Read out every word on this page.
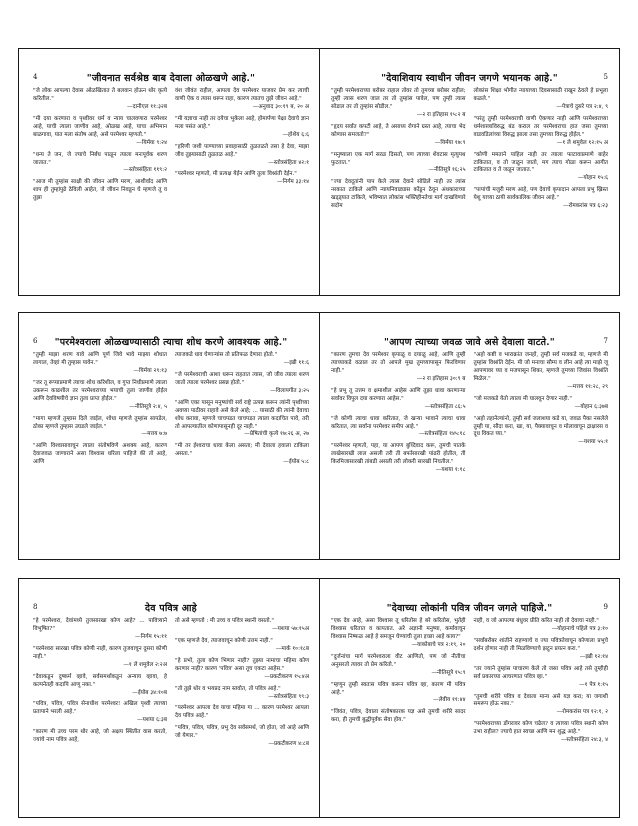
4	"जीवनात सर्वश्रेष्ठ बाब देवाला ओळखणे आहे."
"जे लोक आपल्या देवास ओळखितात ते बलवान होऊन थोर कृत्ये करितील."
—दानीएल ११:३२ब
"मी दया करणारा व पृथ्वीवर धर्म व न्याय चालवणारा परमेश्वर आहे, याची त्याला जाणीव आहे, ओळख आहे, याचा अभिमान बाळगावा, यात मला संतोष आहे, असे परमेश्वर म्हणतो."
—यिर्मया ९:२४
"धन्य ते जन, जे ज्याचे निर्बंध पाळून त्याला मनःपूर्वक शरण जातात."
—स्तोत्रसंहिता ११९:२
"आज मी तुम्हांस साक्षी की जीवन आणि मरण, आशीर्वाद आणि शाप ही तुम्हांपुढे ठेविली आहेत, जे जीवन निवडून घे म्हणजे तू व तुझा
वंश जीवंत राहील, आपला देव परमेश्वर याजवर प्रेम कर त्याची वाणी ऐक व त्यास धरून राहा, कारण त्यातच तुझे जीवन आहे."
—अनुवाद ३०:१९ ब, २० अ
"मी यज्ञाचा नाही तर दयेचा भुकेला आहे, होमार्पणा पेक्षा देवाचे ज्ञान मला पसंत आहे."
—होशेय ६:६
"हरिणी जशी पाण्याच्या प्रवाहासाठी तुळतळते तसा हे देवा, माझा जीव तुझ्यासाठी तुळतळ आहे."
—स्तोत्रसंहिता ४२:१
"परमेश्वर म्हणतो, मी प्रत्यक्ष येईन आणि तुला विश्रांती देईन."
—निर्गम ३३:१४
5
"देवाशिवाय स्वाधीन जीवन जगणे भयानक आहे."
"तुम्ही परमेश्वराच्या बरोबर राहाल तोवर तो तुमच्या बरोबर राहील; तुम्ही त्यास शरण जाल तर तो तुम्हांस पावेल, पण तुम्ही त्यास सोडाल तर तो तुम्हांस सोडील."
—२ रा इतिहास १५:२ ब
"हृदय सर्वांत कपटी आहे, ते असाध्य रोगाने ग्रस्त आहे, त्याचा भेद कोणास समजतो?"
—यिर्मया १७:९
"मनुष्याला एक मार्ग सरळ दिसतो, पण त्याच्या शेवटास मृत्युपथ फुटतात."
—नीतिसूत्रे १६:२५
"ज्या देवदूतांनी पाप केले त्यास देवाने सोडिले नाही तर त्यांस नरकात टाकिले आणि न्यायनिवाड्यास कोंडून ठेवून अंधकाराच्या खड्ड्यात टाकिले, भविष्यात लोकांस भक्तिहीनतेचा मार्ग दाखविणारे सदोम
लोकांस शिक्षा भोगीत न्यायाच्या दिवसासाठी राखून ठेवले हे प्रभूला कळले."
—पेत्राचे दुसरे पत्र २:४, ९
"परंतु तुम्ही परमेश्वराची वाणी ऐकणार नाही आणि परमेश्वराच्या धर्मशास्त्राविरुद्ध बंड कराल तर परमेश्वराचा हात जसा तुमच्या वाडवडिलांच्या विरुद्ध झाला तसा तुमच्या विरुद्ध होईल."
—१ ले शमुवेल १२:१५ अ
"कोणी ममताने पाहिल नाही तर त्याला फाटावाप्रमाणे बाहेर टाकितात, व तो जळून जातो, मग त्याच गोळा करून आगीत टाकितात व ते जळून जातात."
—योहान १५:६
"पापांची मजुरी मरण आहे, पण देवाचे कृपादान आपला प्रभु ख्रिस्त येशू याच्या ठायी सार्वकालिक जीवन आहे."
—रोमकरांस पत्र ६:२३
6	"परमेश्वराला ओळखण्यासाठी त्याचा शोध करणे आवश्यक आहे."
"तुम्ही माझा शरण यावे आणि पूर्ण जिवे भावे माझ्या शोधात लागाल, तेव्हां मी तुम्हास पावेन."
—यिर्मया २९:१३
"जर तू रूप्याप्रमाणे त्याचा शोध करिशील, व गुप्त निधीप्रमाणे त्याला उकरून काढशील तर परमेश्वराच्या भयाची तुला जाणीव होईल आणि देवविषयीचे ज्ञान तुला प्राप्त होईल."
—नीतिसूत्रे २:४, ५
"मागा म्हणजे तुम्हास दिले जाईल, शोधा म्हणजे तुम्हांस सापडेल, ठोका म्हणजे तुम्हास उघडले जाईल."
—मत्तय ७:७
"आणि विश्वासावाचून त्याला संतोषविणे अशक्य आहे, कारण देवाजवळ जाणाराने असा विश्वास धरिला पाहिजे की तो आहे, आणि
त्याजकडे धाव घेणाऱ्यांस तो प्रतिफळ देणारा होतो."
—इब्री ११:६
"जे परमेश्वराची आशा धरून राहतात त्यास, जो जीव त्याला शरण जातो त्याला परमेश्वर प्रसन्न होतो."
—विलापगीत ३:२५
"आणि एका पासून मनुष्यांची सर्व राष्ट्रे उत्पन्न करून त्यांनी पृथ्वीच्या अवघ्या पाठीवर राहावे असे केले आहे; ... यासाठी की त्यांनी देवाचा शोध करावा, म्हणजे चाचपडत चाचपडत त्याला कदाचित पावे, तरी तो आपल्यातील कोणापासूनही दूर नाही."
—प्रेषितांची कृत्ये १७:२६ अ, २७
"मी तर ईश्वराचा धावा केला असता; मी देवाला हवाला टाकिला असता."
—ईयोब ५:८
7
"आपण त्याच्या जवळ जावे असे देवाला वाटते."
"कारण तुमचा देव परमेश्वर कृपाळू व दयाळू आहे, आणि तुम्ही त्याच्याकडे वळाल तर तो आपले मुख तुमच्यापासून फिरविणार नाही."
—२ रा इतिहास ३०:९ ब
"हे प्रभू तू उत्तम व क्षमाशील आहेस आणि तुझा धावा करणाऱ्या सर्वावर विपुल दया करणारा आहेस."
—स्तोत्रसंहिता ८६:५
"जे कोणी त्याचा धावा करितात, जे खऱ्या भावाने त्याचा धावा करितात, त्या सर्वांना परमेश्वर समीप आहे."
—स्तोत्रसंहिता १४५:१८
"परमेश्वर म्हणतो, पहा, या आपण बुध्दिवाद करू, तुमची पातके लाखेसारखी लाल असली तरी ती बर्फासारखी पांढरी होतील, ती किरमिजासारखी तांबडी असली तरी लोकरी सारखी निघतील."
—यशया १:१८
"अहो कष्टी व भाराक्रांत जनहो, तुम्ही सर्व मजकडे या, म्हणजे मी तुम्हांस विश्रांति देईन. मी जो मनाचा सौम्य व लीन आहे त्या माझे जू आपणावर घ्या व मजपासून शिका, म्हणजे तुमच्या जिवांस विश्रांति मिळेल."
—मत्तय ११:२८, २९
"जो मजकडे येतो त्याला मी घालवून देणार नाही."
—योहान ६:३७ब
"अहो तहानेल्यांनो, तुम्ही सर्व जलाशया कडे या, जवळ पैका नसलेले तुम्ही या, सौदा करा, खा, या, पैक्यावाचून व मोलावाचून द्राक्षारस व दूध विकत घ्या."
—यशया ५५:१
8	देव पवित्र आहे
"हे परमेश्वरा, देवांमध्ये तुजसारखा कोण आहे? ... पावित्र्याने विभूषित?"
—निर्गम १५:११
"परमेश्वरा सारखा पवित्र कोणी नाही, कारण तुजवाचून दुसरा कोणी नाही."
—१ ले शमुवेल २:२अ
"देवाकडून दुष्कर्म व्हावे, सर्वसमर्थाकडून अन्याय व्हावा, हे कल्पनेतही कदापि आणू नका."
—ईयोब ३४:१०ब
"पवित्र, पवित्र, पवित्र सेनाधीश परमेश्वर! अखिल पृथ्वी त्याच्या प्रतापाने भरली आहे."
—यशया ६:३ब
"कारण मी उच्च परम थोर आहे, जो अक्षय स्थितीत वास करतो, ज्यांचे नाम पवित्र आहे,
तो असे म्हणतो : मी उच्च व पवित्र स्थानी वसतो."
—यशया ५७:१५अ
"एक म्हणजे देव, त्याजवाचून कोणी उत्तम नाही."
—मार्क १०:१८ब
"हे प्रभो, तुला कोण भिणार नाही? तुझ्या नामाचा महिमा कोण करणार नाही? कारण 'पवित्र' असा तूच एकटा आहेस."
—प्रकटीकरण १५:४अ
"तो तुझे थोर व भयप्रद नाम स्तवोत, तो पवित्र आहे."
—स्तोत्रसंहिता ९९:३
"परमेश्वर आपला देव याचा महिमा गा ... कारण परमेश्वर आपला देव पवित्र आहे."
"पवित्र, पवित्र, पवित्र, प्रभु देव सर्वसमर्थ, जो होता, जो आहे आणि जो येणार."
—प्रकटीकरण ४:८ब
9
"देवाच्या लोकांनी पवित्र जीवन जगले पाहिजे."
"एक देव आहे, असा विश्वास तू धरितोस हे बरे करितोस, भुतेही विश्वास धरितात व कापतात. अरे अज्ञानी मनुष्या, कर्मावाचून विश्वास निष्फळ आहे हे समजून घेण्याची तुला इच्छा आहे काय?"
—याकोबाचे पत्र २:१९, २०
"दुर्जनांचा मार्ग परमेश्वराला वीट आणितो, पण जो नीतीचा अनुसरतो त्यावर तो प्रेम करितो."
—नीतिसूत्रे १५:९
"म्हणून तुम्ही स्वतःस पवित्र करून पवित्र व्हा, कारण मी पवित्र आहे."
—लेवीय ११:४४
"जिवंत, पवित्र, देवाला संतोषकारक यज्ञ असे तुमची शरीरे सादर करा, ही तुमची बुद्धीपूर्वक सेवा होय."
नाही, व जो आपल्या बंधुवर प्रीति करित नाही तो देवाचा नाही."
—योहानाचे पहिले पत्र ३:१०
"सर्वांबरोबर शांतीने राहण्याचे व ज्या पवित्रतेवाचून कोणाला प्रभूचे दर्शन होणार नाही ती मिळविण्याचे झटून प्रयत्न करा."
—इब्री १२:१४
"तर ज्याने तुम्हांस पाचारण केले तो जसा पवित्र आहे तसे तुम्हीही सर्व प्रकारच्या आचरणात पवित्र व्हा."
—१ पेत्र १:१५
"तुमची शरीरे पवित्र व देवाला मान्य असे यज्ञ करा; या जगाशी समरूप होऊ नका."
—रोमकरांस पत्र १२:१, २
"परमेश्वराच्या डोंगरावर कोण चढेल? व त्याच्या पवित्र स्थानी कोण उभा राहील? ज्याचे हात स्वच्छ आणि मन शुद्ध आहे."
—स्तोत्रसंहिता २४:३, ४
